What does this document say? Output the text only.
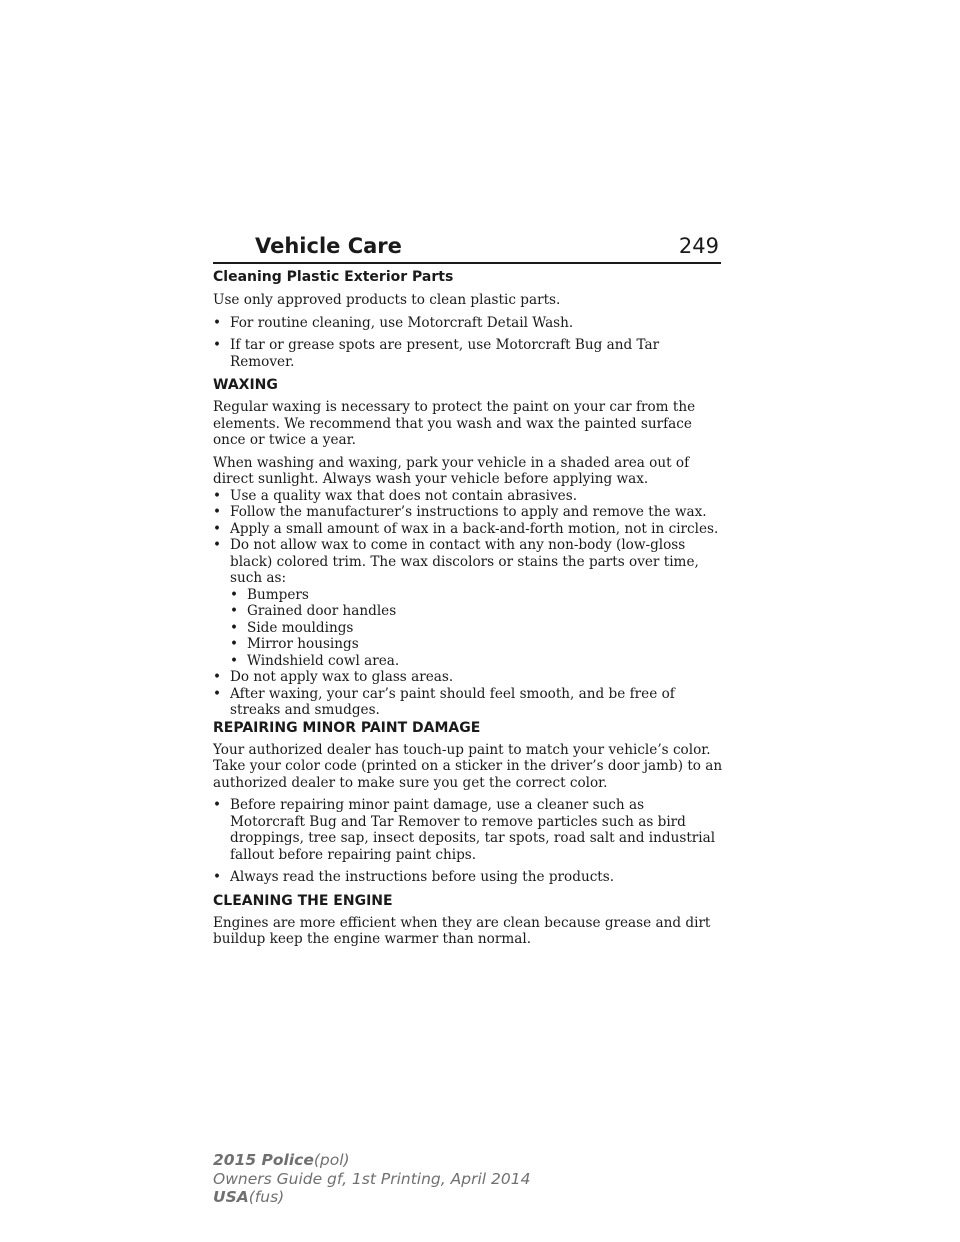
Vehicle Care	249
Cleaning Plastic Exterior Parts

Use only approved products to clean plastic parts.

• For routine cleaning, use Motorcraft Detail Wash.
• If tar or grease spots are present, use Motorcraft Bug and Tar Remover.
WAXING

Regular waxing is necessary to protect the paint on your car from the elements. We recommend that you wash and wax the painted surface once or twice a year.

When washing and waxing, park your vehicle in a shaded area out of direct sunlight. Always wash your vehicle before applying wax.

• Use a quality wax that does not contain abrasives.
• Follow the manufacturer’s instructions to apply and remove the wax.
• Apply a small amount of wax in a back-and-forth motion, not in circles.
• Do not allow wax to come in contact with any non-body (low-gloss black) colored trim. The wax discolors or stains the parts over time, such as:
• Bumpers
• Grained door handles
• Side mouldings
• Mirror housings
• Windshield cowl area.
• Do not apply wax to glass areas.
• After waxing, your car’s paint should feel smooth, and be free of streaks and smudges.
REPAIRING MINOR PAINT DAMAGE

Your authorized dealer has touch-up paint to match your vehicle’s color. Take your color code (printed on a sticker in the driver’s door jamb) to an authorized dealer to make sure you get the correct color.

• Before repairing minor paint damage, use a cleaner such as Motorcraft Bug and Tar Remover to remove particles such as bird droppings, tree sap, insect deposits, tar spots, road salt and industrial fallout before repairing paint chips.
• Always read the instructions before using the products.
CLEANING THE ENGINE

Engines are more efficient when they are clean because grease and dirt buildup keep the engine warmer than normal.

2015 Police(pol)
Owners Guide gf, 1st Printing, April 2014
USA(fus)
